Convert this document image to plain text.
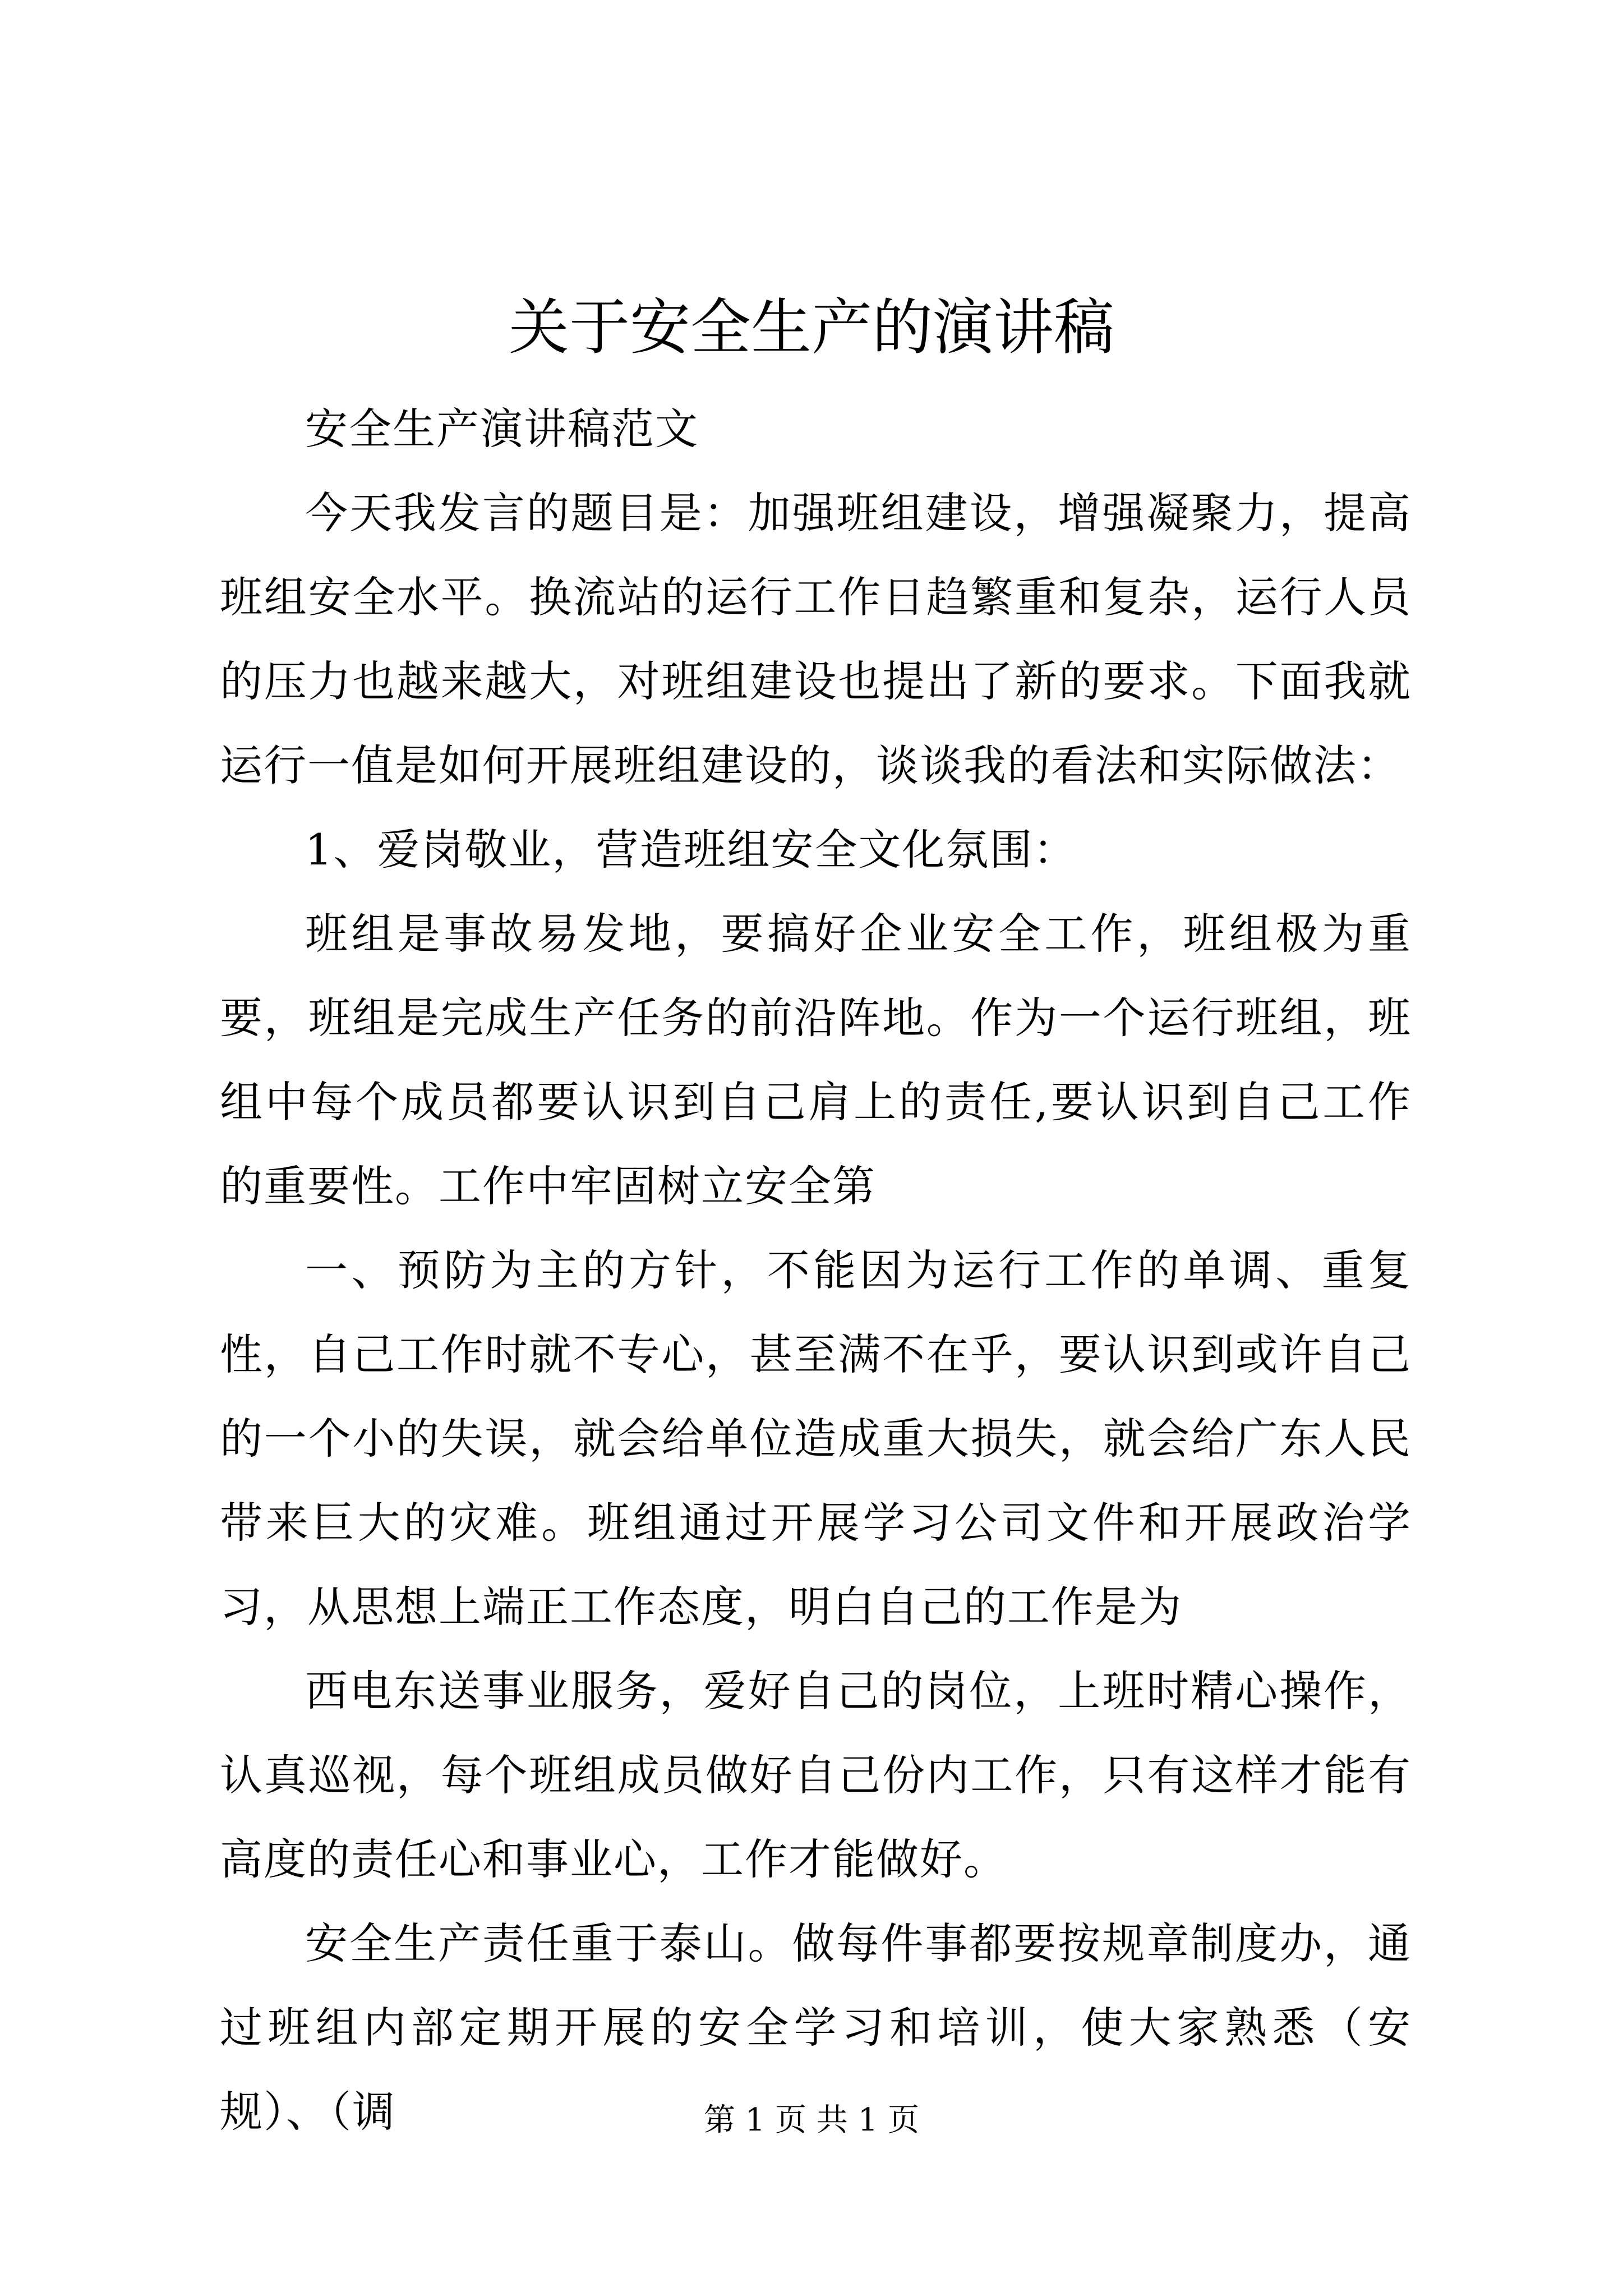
关于安全生产的演讲稿

安全生产演讲稿范文

今天我发言的题目是：加强班组建设，增强凝聚力，提高班组安全水平。换流站的运行工作日趋繁重和复杂，运行人员的压力也越来越大，对班组建设也提出了新的要求。下面我就运行一值是如何开展班组建设的，谈谈我的看法和实际做法：

1、爱岗敬业，营造班组安全文化氛围：

班组是事故易发地，要搞好企业安全工作，班组极为重要，班组是完成生产任务的前沿阵地。作为一个运行班组，班组中每个成员都要认识到自己肩上的责任,要认识到自己工作的重要性。工作中牢固树立安全第

一、预防为主的方针，不能因为运行工作的单调、重复性，自己工作时就不专心，甚至满不在乎，要认识到或许自己的一个小的失误，就会给单位造成重大损失，就会给广东人民带来巨大的灾难。班组通过开展学习公司文件和开展政治学习，从思想上端正工作态度，明白自己的工作是为

西电东送事业服务，爱好自己的岗位，上班时精心操作，认真巡视，每个班组成员做好自己份内工作，只有这样才能有高度的责任心和事业心，工作才能做好。

安全生产责任重于泰山。做每件事都要按规章制度办，通过班组内部定期开展的安全学习和培训，使大家熟悉（安规）、（调	第 1 页 共 1 页
